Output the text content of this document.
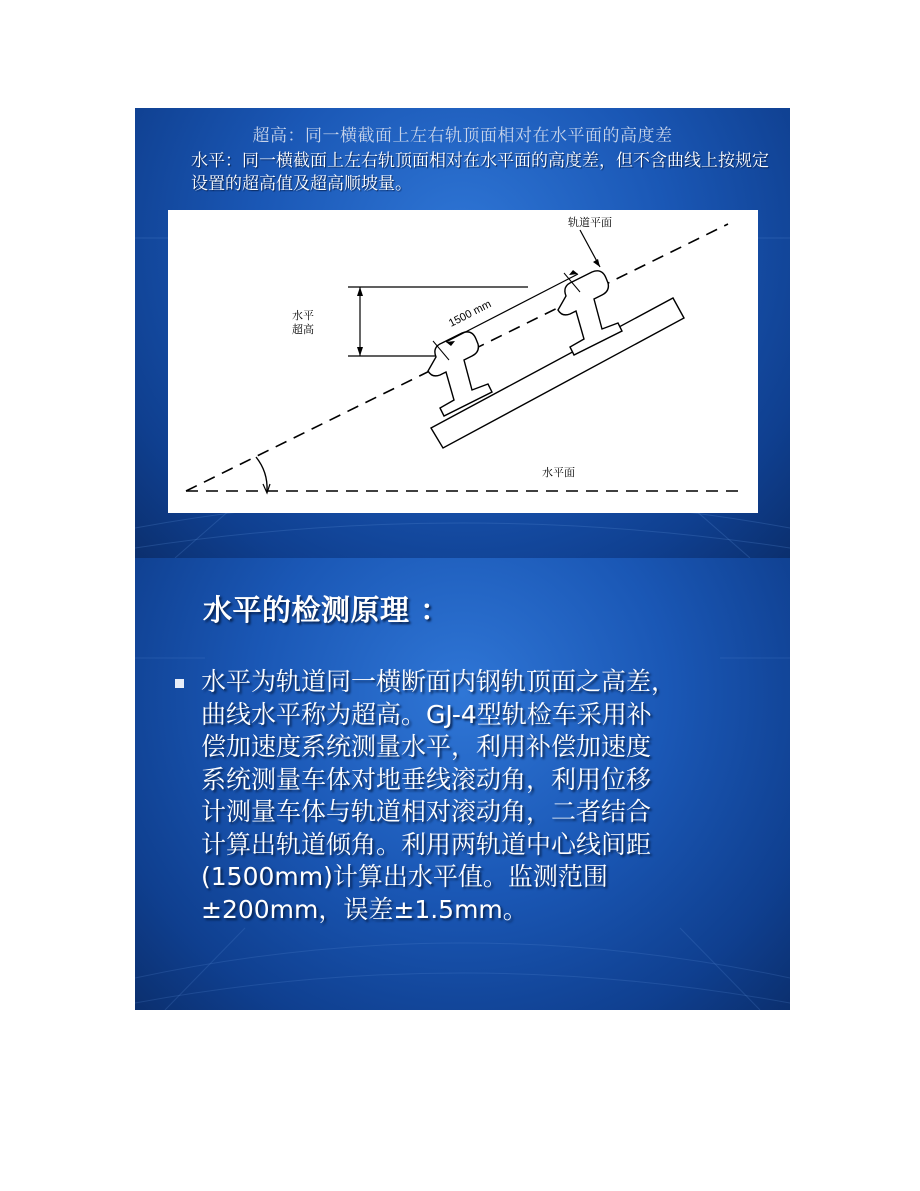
超高：同一横截面上左右轨顶面相对在水平面的高度差
水平：同一横截面上左右轨顶面相对在水平面的高度差，但不含曲线上按规定设置的超高值及超高顺坡量。
1500 mm
水平
超高
轨道平面
水平面
水平的检测原理 ：
水平为轨道同一横断面内钢轨顶面之高差，
曲线水平称为超高。GJ-4型轨检车采用补
偿加速度系统测量水平，利用补偿加速度
系统测量车体对地垂线滚动角，利用位移
计测量车体与轨道相对滚动角，二者结合
计算出轨道倾角。利用两轨道中心线间距
(1500mm)计算出水平值。监测范围
±200mm，误差±1.5mm。
